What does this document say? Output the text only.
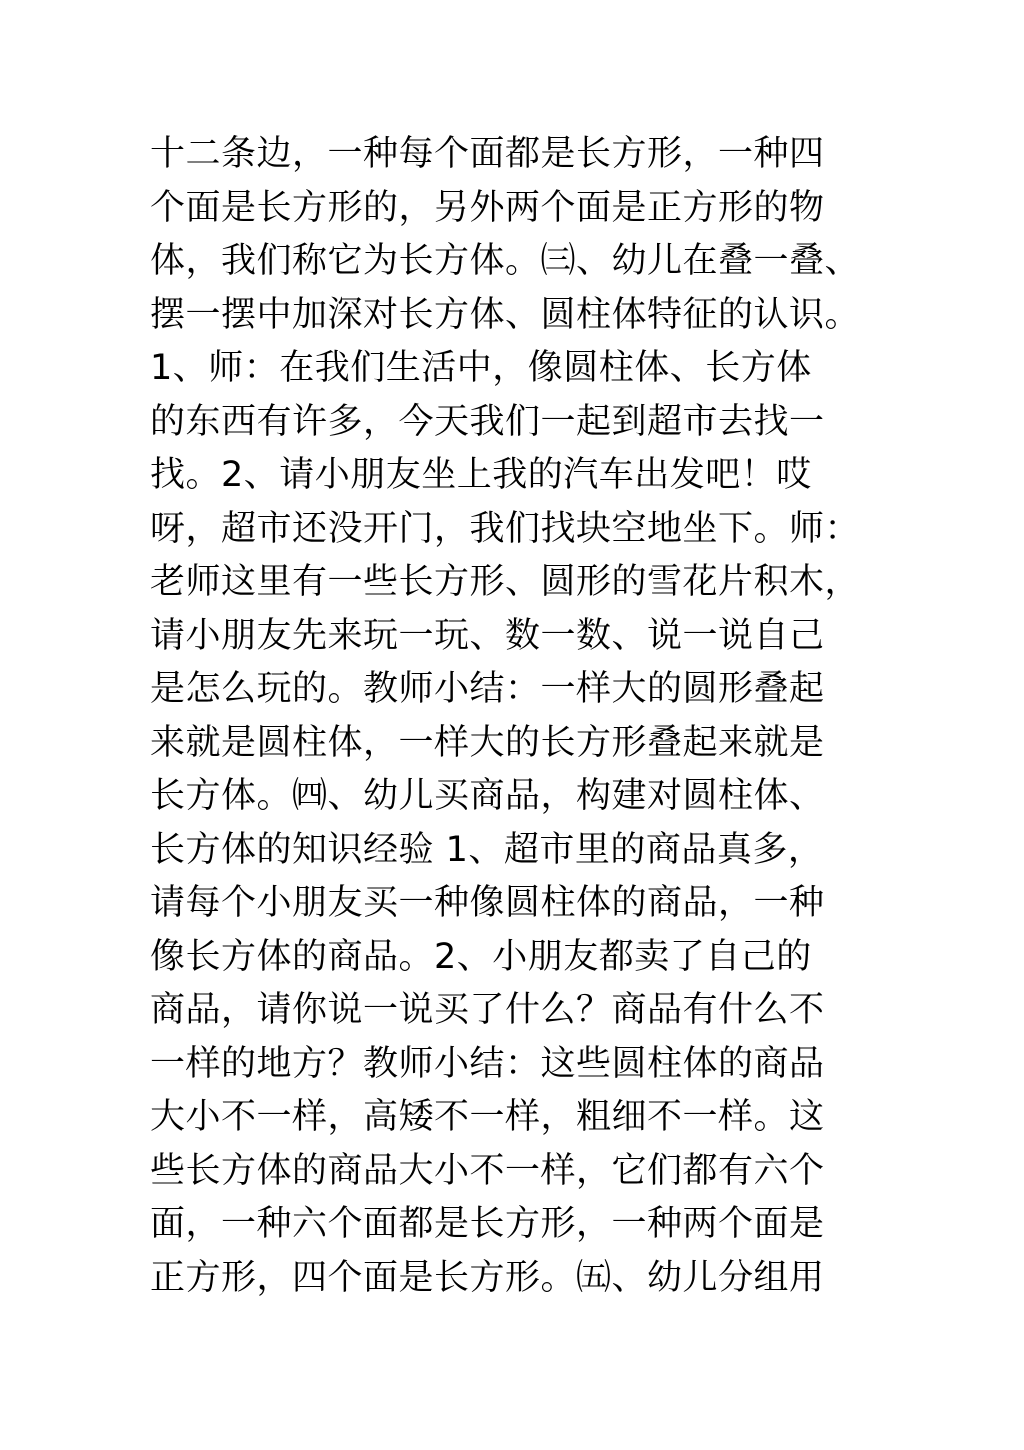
十二条边，一种每个面都是长方形，一种四
个面是长方形的，另外两个面是正方形的物
体，我们称它为长方体。㈢、幼儿在叠一叠、
摆一摆中加深对长方体、圆柱体特征的认识。
1、师：在我们生活中，像圆柱体、长方体
的东西有许多，今天我们一起到超市去找一
找。2、请小朋友坐上我的汽车出发吧！哎
呀，超市还没开门，我们找块空地坐下。师：
老师这里有一些长方形、圆形的雪花片积木，
请小朋友先来玩一玩、数一数、说一说自己
是怎么玩的。教师小结：一样大的圆形叠起
来就是圆柱体，一样大的长方形叠起来就是
长方体。㈣、幼儿买商品，构建对圆柱体、
长方体的知识经验 1、超市里的商品真多，
请每个小朋友买一种像圆柱体的商品，一种
像长方体的商品。2、小朋友都卖了自己的
商品，请你说一说买了什么？商品有什么不
一样的地方？教师小结：这些圆柱体的商品
大小不一样，高矮不一样，粗细不一样。这
些长方体的商品大小不一样，它们都有六个
面，一种六个面都是长方形，一种两个面是
正方形，四个面是长方形。㈤、幼儿分组用
